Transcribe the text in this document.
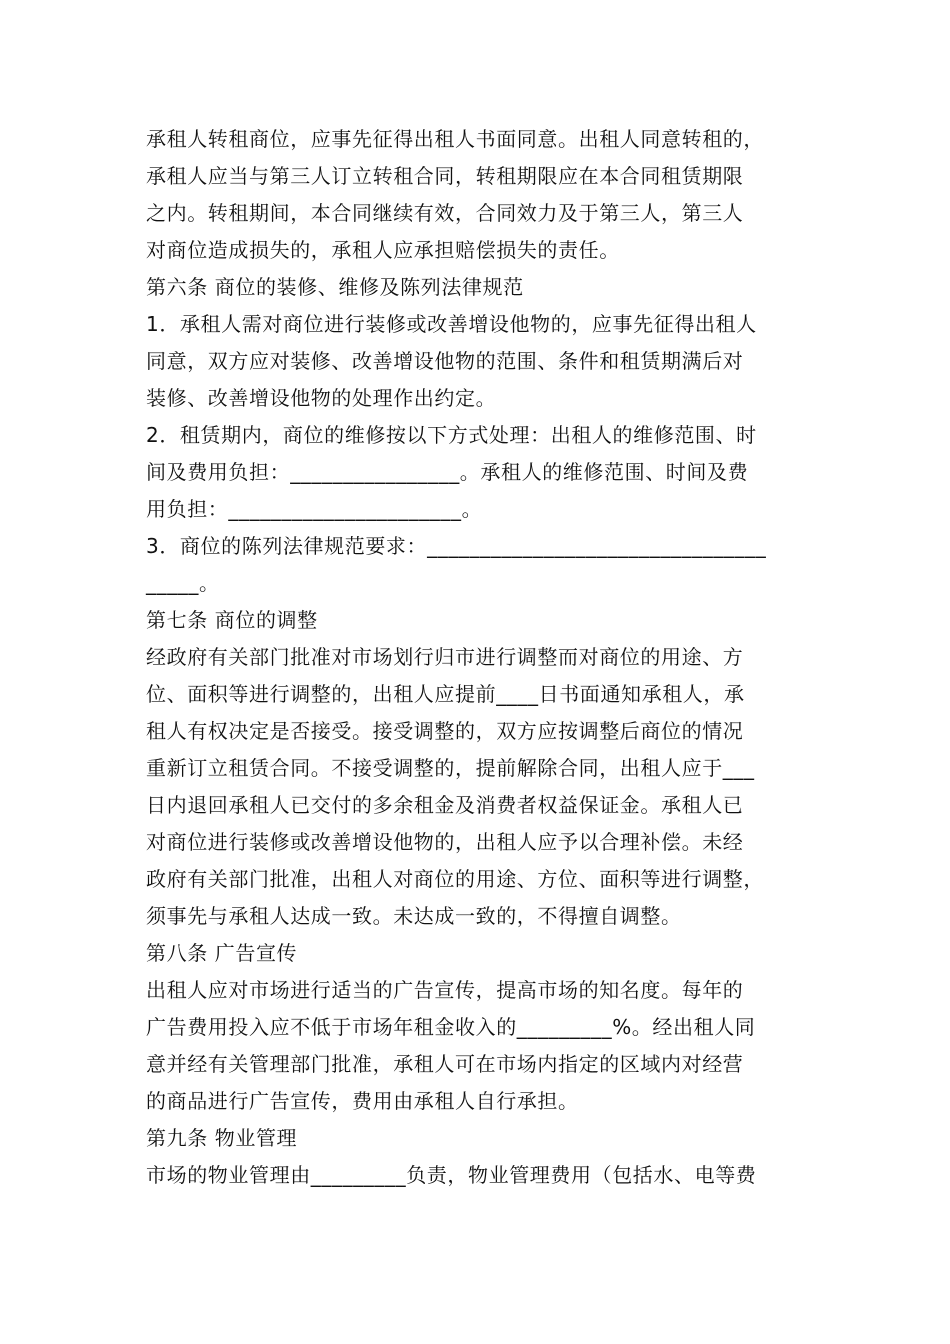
承租人转租商位，应事先征得出租人书面同意。出租人同意转租的，
承租人应当与第三人订立转租合同，转租期限应在本合同租赁期限
之内。转租期间，本合同继续有效，合同效力及于第三人，第三人
对商位造成损失的，承租人应承担赔偿损失的责任。
第六条 商位的装修、维修及陈列法律规范
1．承租人需对商位进行装修或改善增设他物的，应事先征得出租人
同意，双方应对装修、改善增设他物的范围、条件和租赁期满后对
装修、改善增设他物的处理作出约定。
2．租赁期内，商位的维修按以下方式处理：出租人的维修范围、时
间及费用负担：________________。承租人的维修范围、时间及费
用负担：______________________。
3．商位的陈列法律规范要求：________________________________
_____。
第七条 商位的调整
经政府有关部门批准对市场划行归市进行调整而对商位的用途、方
位、面积等进行调整的，出租人应提前____日书面通知承租人，承
租人有权决定是否接受。接受调整的，双方应按调整后商位的情况
重新订立租赁合同。不接受调整的，提前解除合同，出租人应于___
日内退回承租人已交付的多余租金及消费者权益保证金。承租人已
对商位进行装修或改善增设他物的，出租人应予以合理补偿。未经
政府有关部门批准，出租人对商位的用途、方位、面积等进行调整，
须事先与承租人达成一致。未达成一致的，不得擅自调整。
第八条 广告宣传
出租人应对市场进行适当的广告宣传，提高市场的知名度。每年的
广告费用投入应不低于市场年租金收入的_________%。经出租人同
意并经有关管理部门批准，承租人可在市场内指定的区域内对经营
的商品进行广告宣传，费用由承租人自行承担。
第九条 物业管理
市场的物业管理由_________负责，物业管理费用（包括水、电等费
